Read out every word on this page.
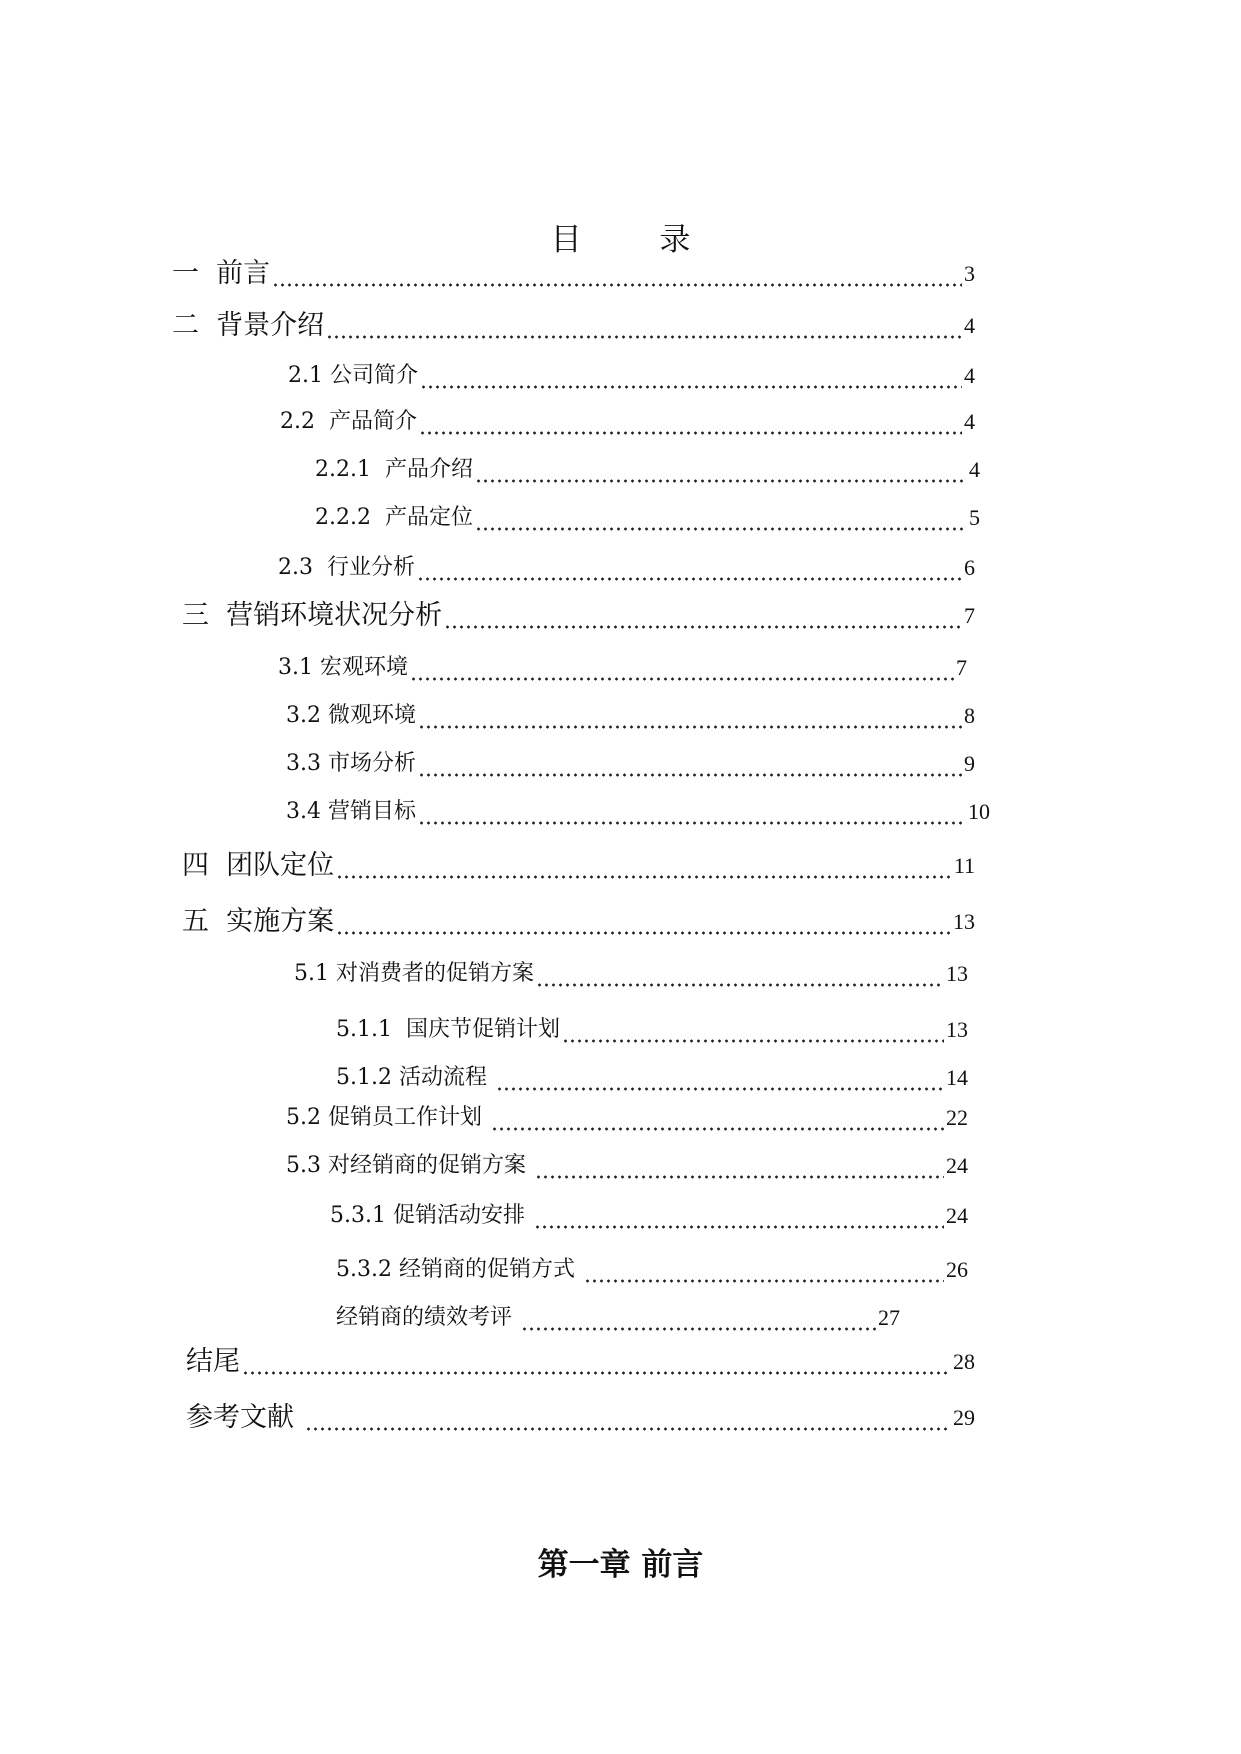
目 录
一  前言	3
二  背景介绍	4
2.1 公司简介	4
2.2  产品简介	4
2.2.1  产品介绍	4
2.2.2  产品定位	5
2.3  行业分析	6
三  营销环境状况分析	7
3.1 宏观环境	7
3.2 微观环境	8
3.3 市场分析	9
3.4 营销目标	10
四  团队定位	11
五  实施方案	13
5.1 对消费者的促销方案	13
5.1.1  国庆节促销计划	13
5.1.2 活动流程	14
5.2 促销员工作计划	22
5.3 对经销商的促销方案	24
5.3.1 促销活动安排	24
5.3.2 经销商的促销方式	26
经销商的绩效考评	27
结尾	28
参考文献	29
第一章 前言
